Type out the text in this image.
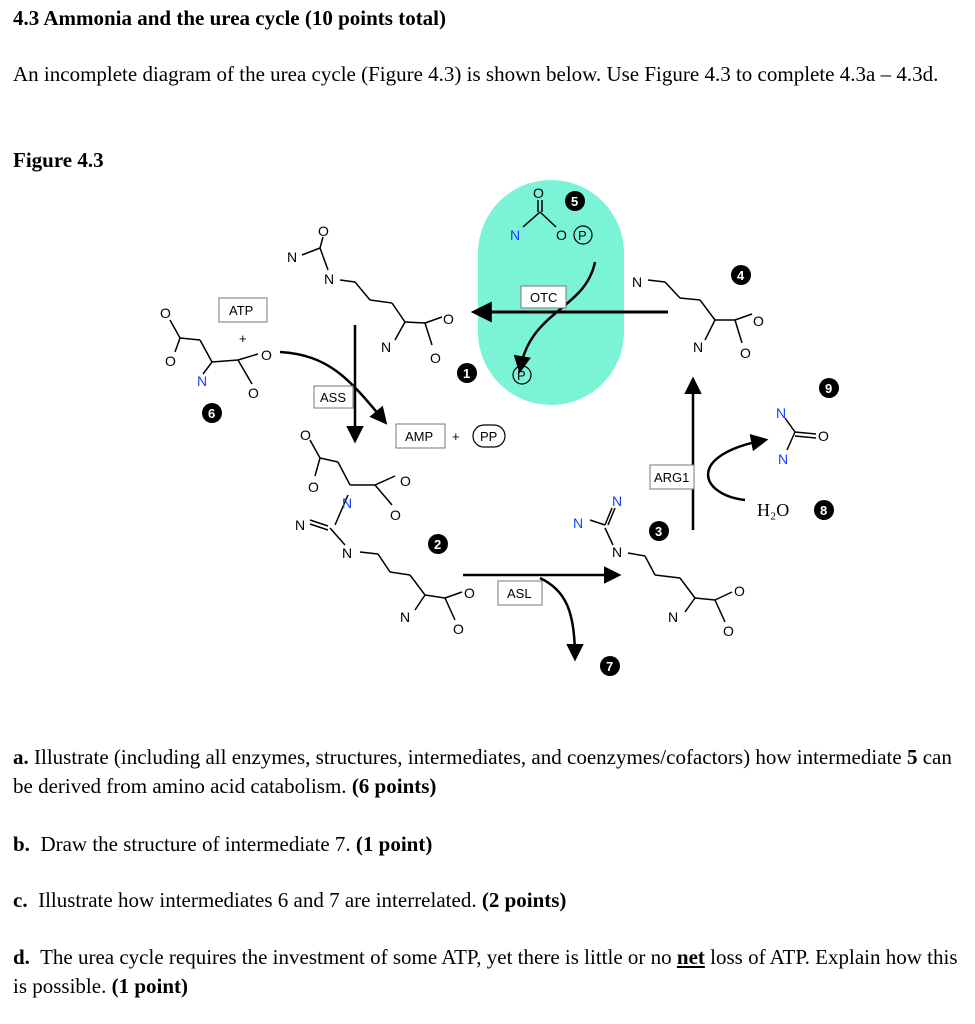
4.3 Ammonia and the urea cycle (10 points total)

An incomplete diagram of the urea cycle (Figure 4.3) is shown below. Use Figure 4.3 to complete 4.3a – 4.3d.

Figure 4.3

N
O
O P
5
OTC
P
N
N
O
O
4
N
O
N
N
O
O
1
O
O
N
O
O
6
ATP
+
ASS
AMP + PP
O
O	O
O
N
N
N
N
O
O
2
ASL
7
N
N
N
N
O
O
3
ARG1
H₂O 8
N
N
O
9

a. Illustrate (including all enzymes, structures, intermediates, and coenzymes/cofactors) how intermediate 5 can be derived from amino acid catabolism. (6 points)

b. Draw the structure of intermediate 7. (1 point)

c. Illustrate how intermediates 6 and 7 are interrelated. (2 points)

d. The urea cycle requires the investment of some ATP, yet there is little or no net loss of ATP. Explain how this is possible. (1 point)
